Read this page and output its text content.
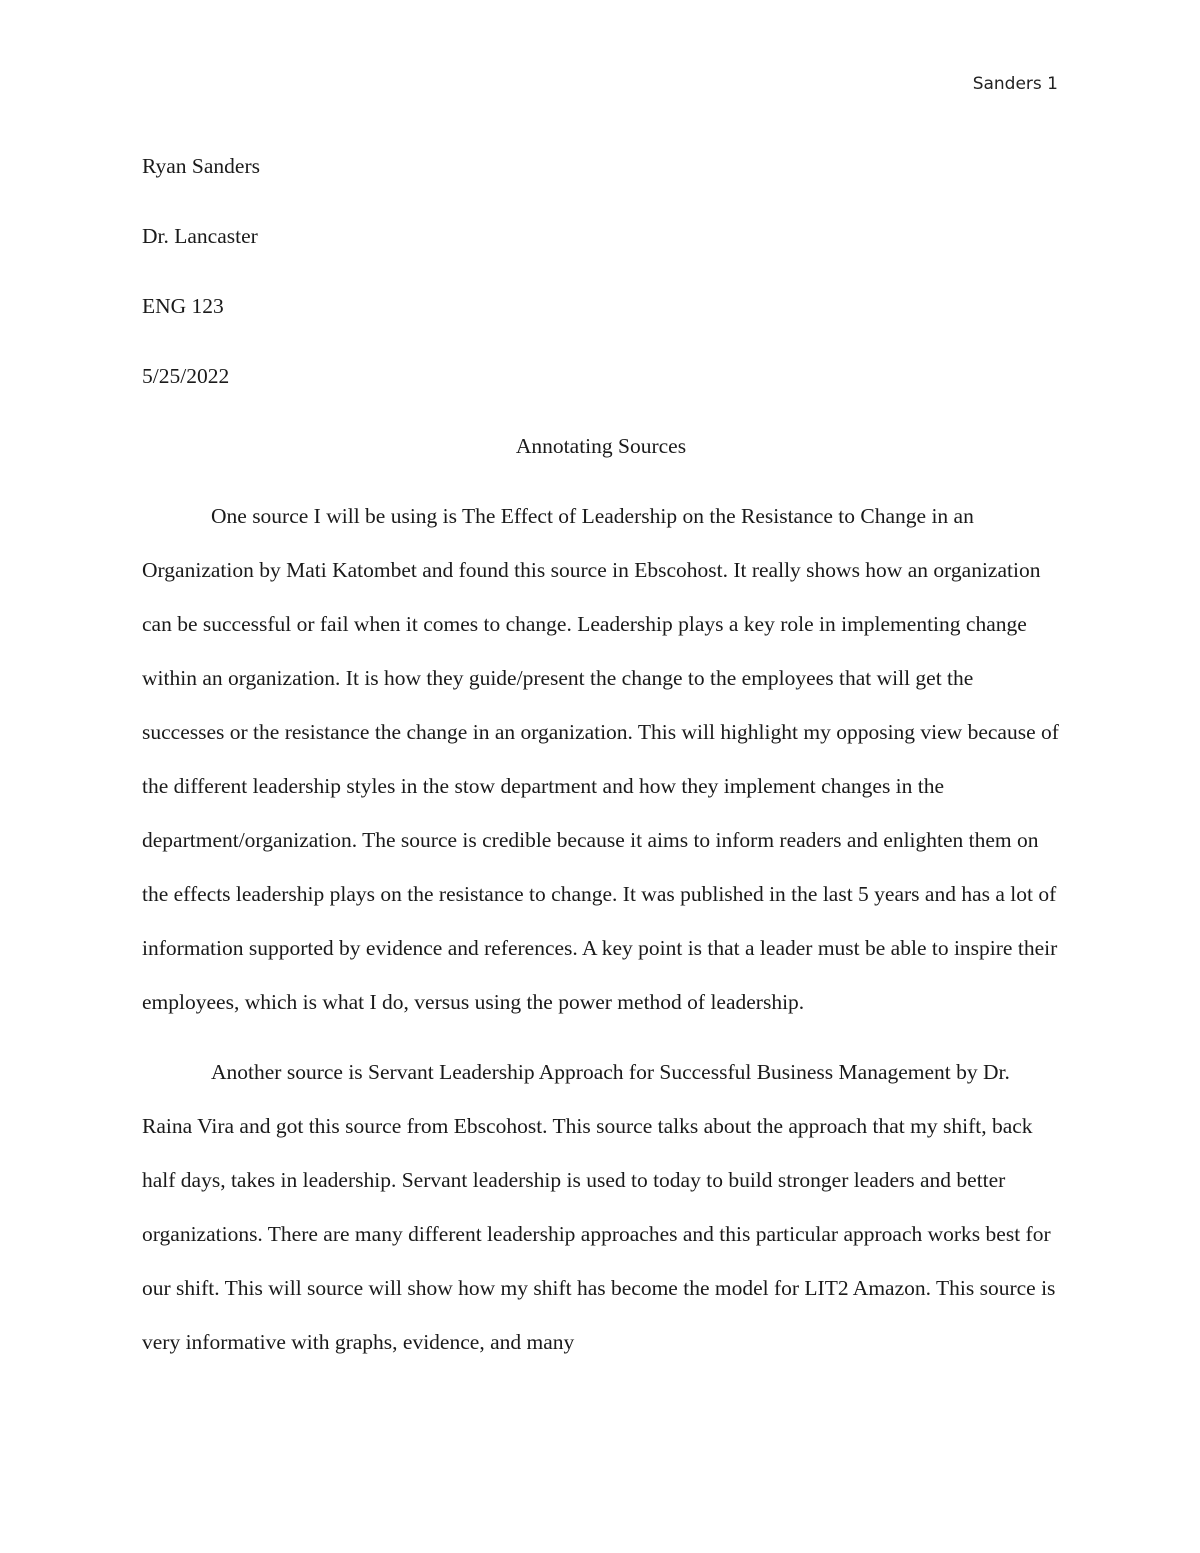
Sanders 1
Ryan Sanders
Dr. Lancaster
ENG 123
5/25/2022
Annotating Sources

One source I will be using is The Effect of Leadership on the Resistance to Change in an Organization by Mati Katombet and found this source in Ebscohost. It really shows how an organization can be successful or fail when it comes to change. Leadership plays a key role in implementing change within an organization. It is how they guide/present the change to the employees that will get the successes or the resistance the change in an organization. This will highlight my opposing view because of the different leadership styles in the stow department and how they implement changes in the department/organization. The source is credible because it aims to inform readers and enlighten them on the effects leadership plays on the resistance to change. It was published in the last 5 years and has a lot of information supported by evidence and references. A key point is that a leader must be able to inspire their employees, which is what I do, versus using the power method of leadership.

Another source is Servant Leadership Approach for Successful Business Management by Dr. Raina Vira and got this source from Ebscohost. This source talks about the approach that my shift, back half days, takes in leadership. Servant leadership is used to today to build stronger leaders and better organizations. There are many different leadership approaches and this particular approach works best for our shift. This will source will show how my shift has become the model for LIT2 Amazon. This source is very informative with graphs, evidence, and many
